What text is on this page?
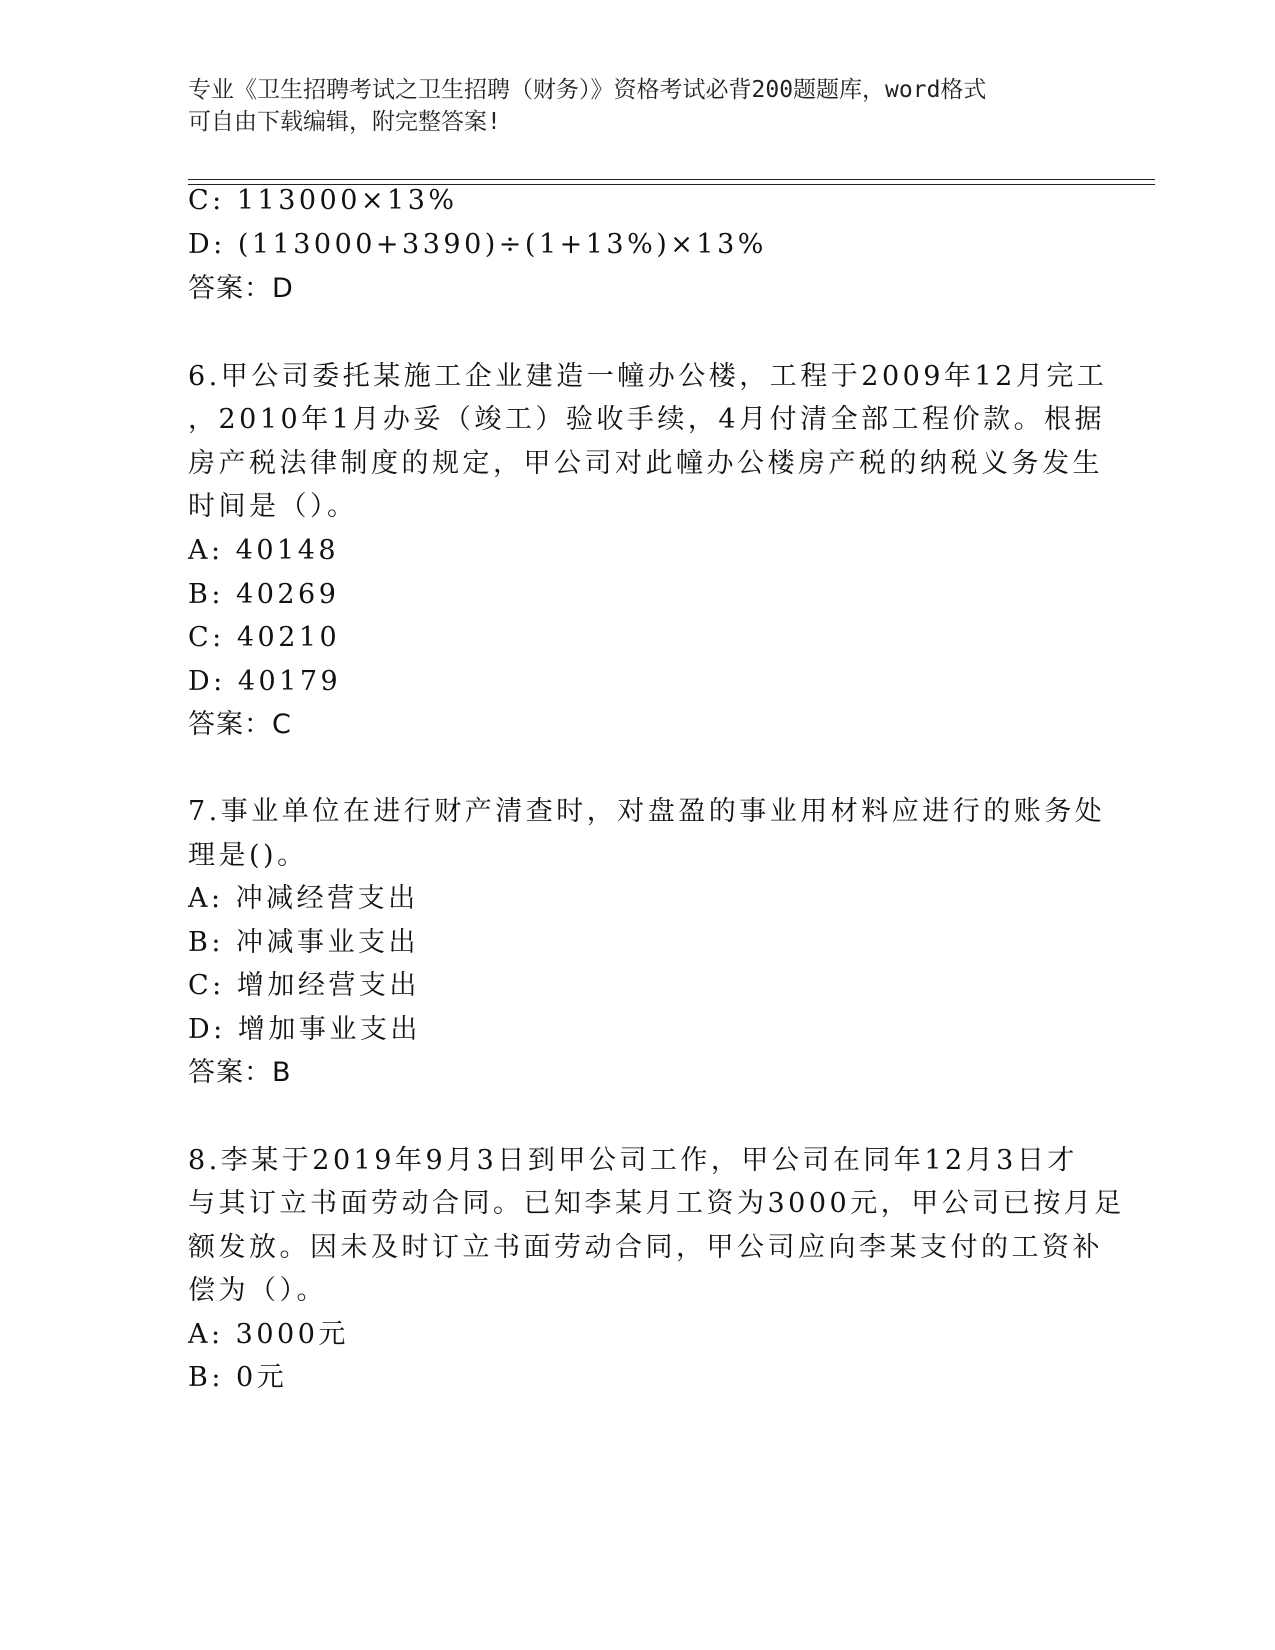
专业《卫生招聘考试之卫生招聘（财务）》资格考试必背200题题库，word格式
可自由下载编辑，附完整答案!
C: 113000×13%
D: (113000+3390)÷(1+13%)×13%
答案：D
6.甲公司委托某施工企业建造一幢办公楼，工程于2009年12月完工
，2010年1月办妥（竣工）验收手续，4月付清全部工程价款。根据
房产税法律制度的规定，甲公司对此幢办公楼房产税的纳税义务发生
时间是（）。
A: 40148
B: 40269
C: 40210
D: 40179
答案：C
7.事业单位在进行财产清查时，对盘盈的事业用材料应进行的账务处
理是()。
A: 冲减经营支出
B: 冲减事业支出
C: 增加经营支出
D: 增加事业支出
答案：B
8.李某于2019年9月3日到甲公司工作，甲公司在同年12月3日才
与其订立书面劳动合同。已知李某月工资为3000元，甲公司已按月足
额发放。因未及时订立书面劳动合同，甲公司应向李某支付的工资补
偿为（）。
A: 3000元
B: 0元
